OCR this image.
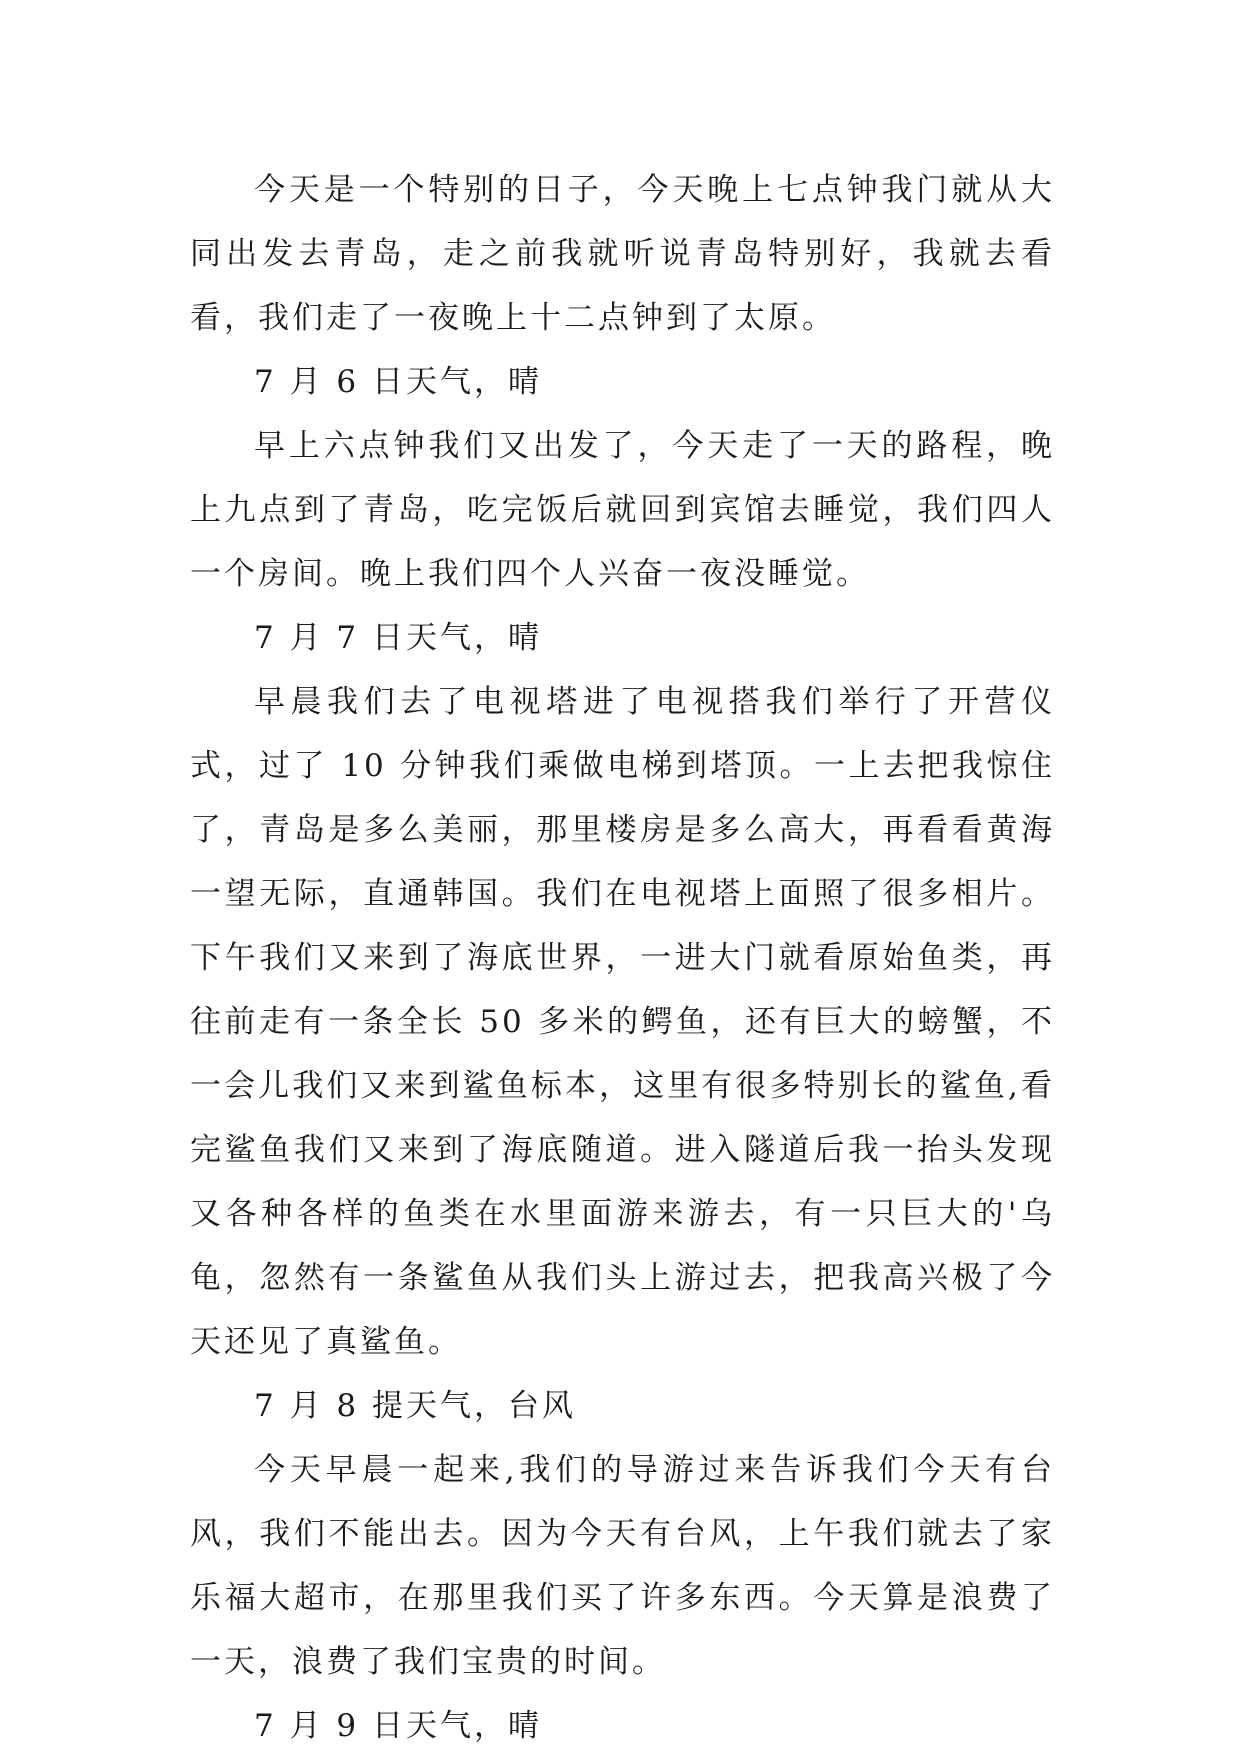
今天是一个特别的日子，今天晚上七点钟我门就从大同出发去青岛，走之前我就听说青岛特别好，我就去看看，我们走了一夜晚上十二点钟到了太原。

7 月 6 日天气，晴

早上六点钟我们又出发了，今天走了一天的路程，晚上九点到了青岛，吃完饭后就回到宾馆去睡觉，我们四人一个房间。晚上我们四个人兴奋一夜没睡觉。

7 月 7 日天气，晴

早晨我们去了电视塔进了电视搭我们举行了开营仪式，过了 10 分钟我们乘做电梯到塔顶。一上去把我惊住了，青岛是多么美丽，那里楼房是多么高大，再看看黄海一望无际，直通韩国。我们在电视塔上面照了很多相片。下午我们又来到了海底世界，一进大门就看原始鱼类，再往前走有一条全长 50 多米的鳄鱼，还有巨大的螃蟹，不一会儿我们又来到鲨鱼标本，这里有很多特别长的鲨鱼,看完鲨鱼我们又来到了海底随道。进入隧道后我一抬头发现又各种各样的鱼类在水里面游来游去，有一只巨大的'乌龟，忽然有一条鲨鱼从我们头上游过去，把我高兴极了今天还见了真鲨鱼。

7 月 8 提天气，台风

今天早晨一起来,我们的导游过来告诉我们今天有台风，我们不能出去。因为今天有台风，上午我们就去了家乐福大超市，在那里我们买了许多东西。今天算是浪费了一天，浪费了我们宝贵的时间。

7 月 9 日天气，晴
